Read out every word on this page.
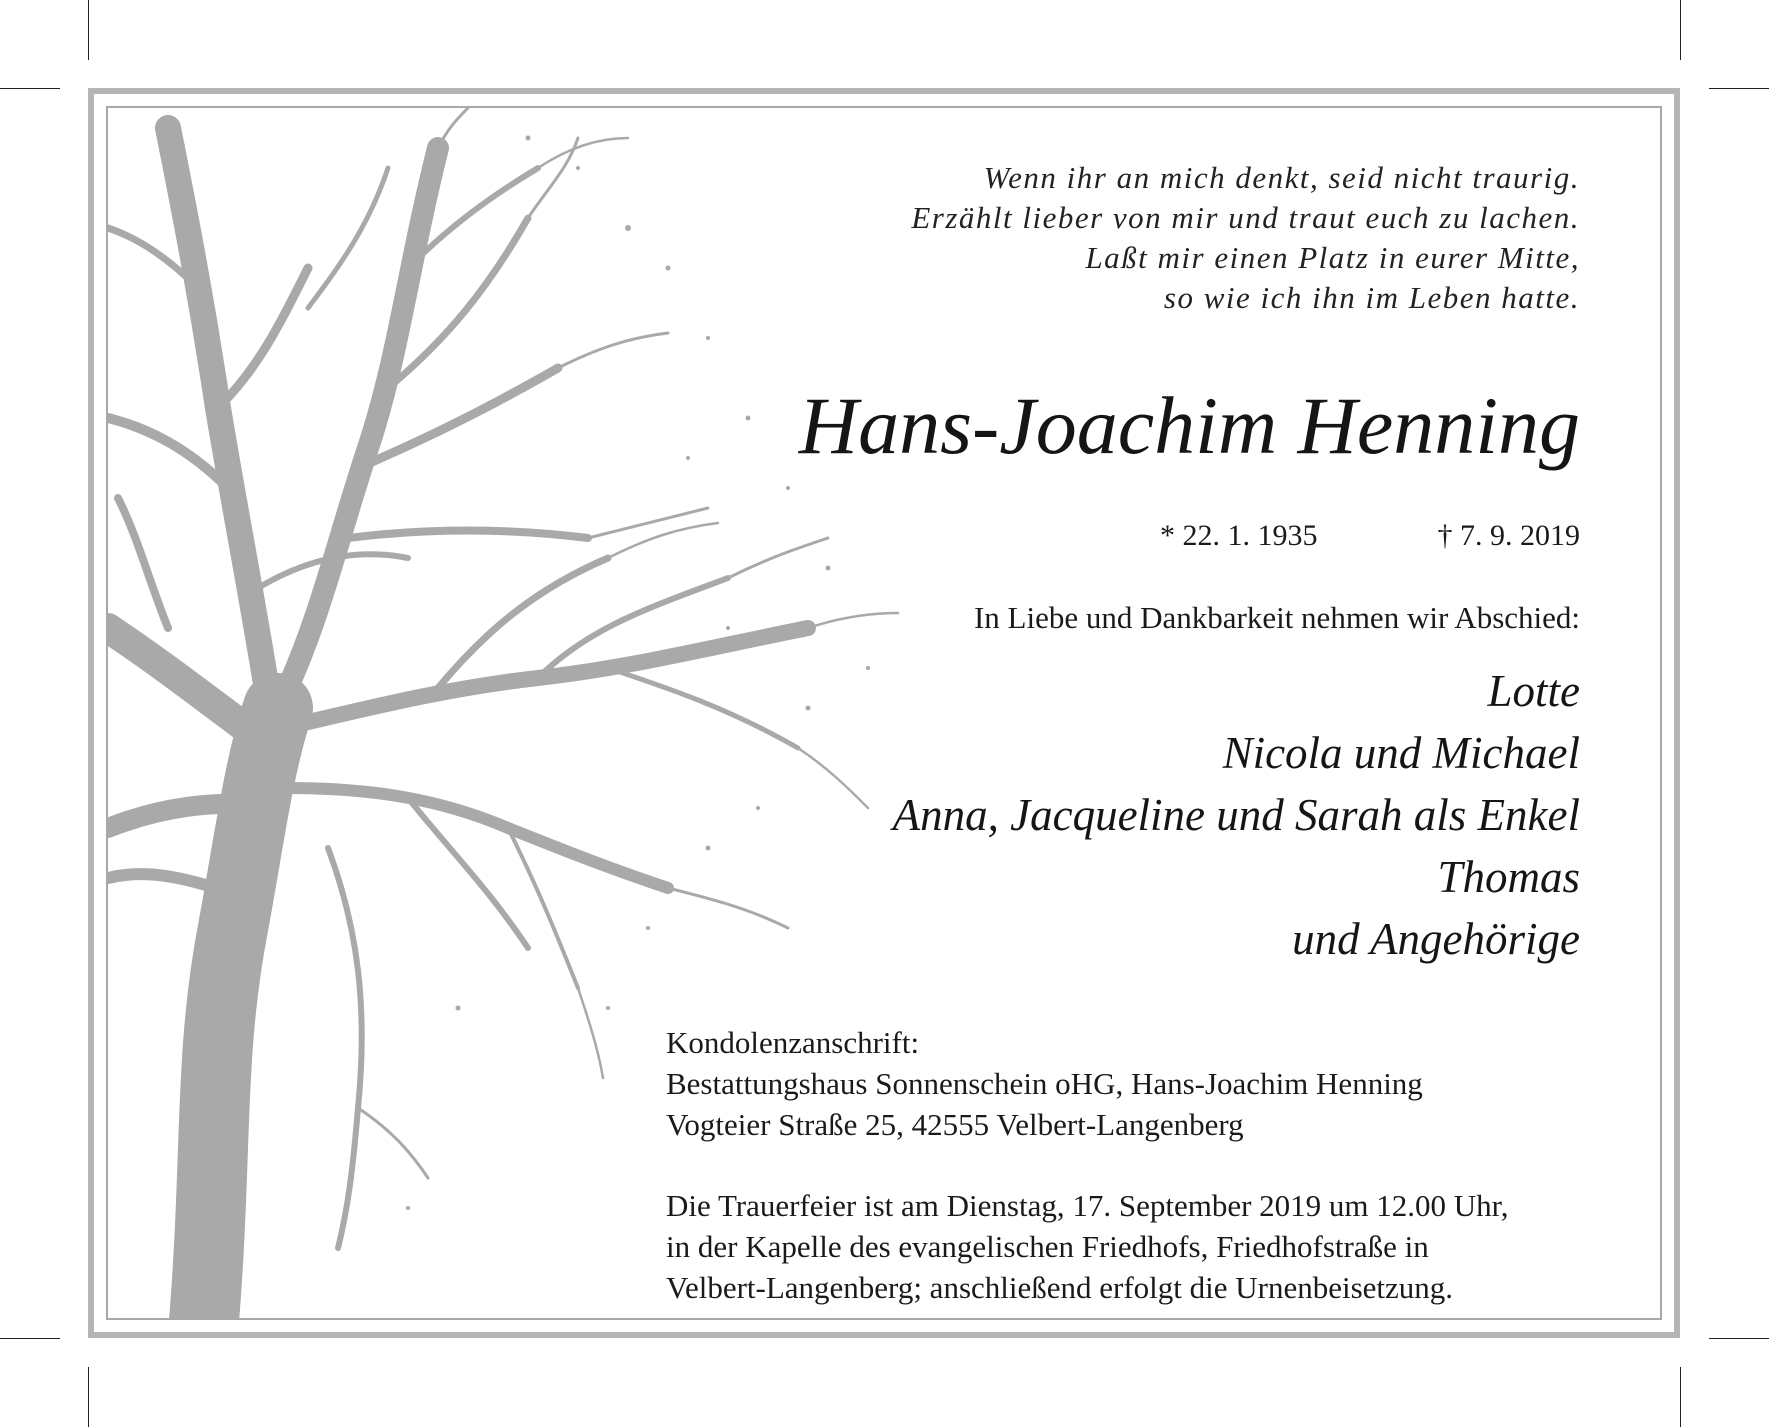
Wenn ihr an mich denkt, seid nicht traurig.
Erzählt lieber von mir und traut euch zu lachen.
Laßt mir einen Platz in eurer Mitte,
so wie ich ihn im Leben hatte.
Hans-Joachim Henning
* 22. 1. 1935	† 7. 9. 2019
In Liebe und Dankbarkeit nehmen wir Abschied:
Lotte
Nicola und Michael
Anna, Jacqueline und Sarah als Enkel
Thomas
und Angehörige
Kondolenzanschrift:
Bestattungshaus Sonnenschein oHG, Hans-Joachim Henning
Vogteier Straße 25, 42555 Velbert-Langenberg
Die Trauerfeier ist am Dienstag, 17. September 2019 um 12.00 Uhr,
in der Kapelle des evangelischen Friedhofs, Friedhofstraße in
Velbert-Langenberg; anschließend erfolgt die Urnenbeisetzung.
